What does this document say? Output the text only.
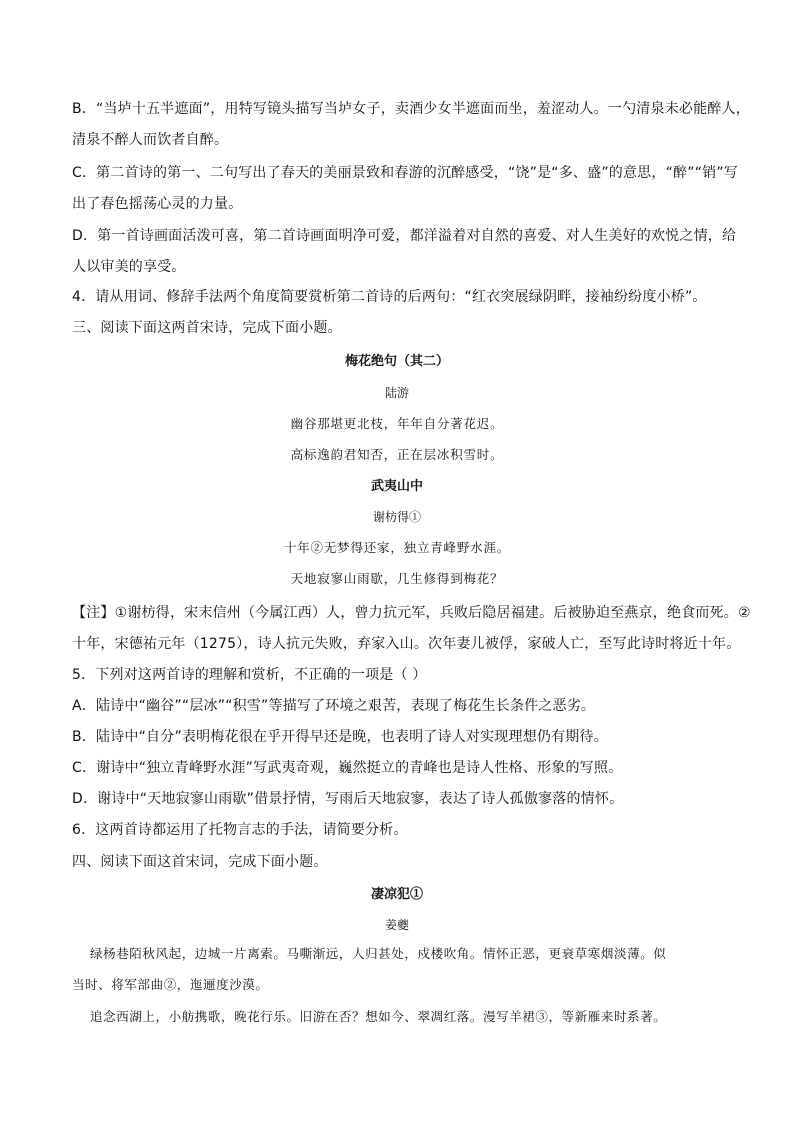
B．“当垆十五半遮面”，用特写镜头描写当垆女子，卖酒少女半遮面而坐，羞涩动人。一勺清泉未必能醉人，
清泉不醉人而饮者自醉。
C．第二首诗的第一、二句写出了春天的美丽景致和春游的沉醉感受，“饶”是“多、盛”的意思，“醉”“销”写
出了春色摇荡心灵的力量。
D．第一首诗画面活泼可喜，第二首诗画面明净可爱，都洋溢着对自然的喜爱、对人生美好的欢悦之情，给
人以审美的享受。
4．请从用词、修辞手法两个角度简要赏析第二首诗的后两句：“红衣突展绿阴畔，接袖纷纷度小桥”。
三、阅读下面这两首宋诗，完成下面小题。
梅花绝句（其二）
陆游
幽谷那堪更北枝，年年自分著花迟。
高标逸韵君知否，正在层冰积雪时。
武夷山中
谢枋得①
十年②无梦得还家，独立青峰野水涯。
天地寂寥山雨歇，几生修得到梅花？
【注】①谢枋得，宋末信州（今属江西）人，曾力抗元军，兵败后隐居福建。后被胁迫至燕京，绝食而死。②
十年，宋德祐元年（1275），诗人抗元失败，弃家入山。次年妻儿被俘，家破人亡，至写此诗时将近十年。
5．下列对这两首诗的理解和赏析，不正确的一项是（ ）
A．陆诗中“幽谷”“层冰”“积雪”等描写了环境之艰苦，表现了梅花生长条件之恶劣。
B．陆诗中“自分”表明梅花很在乎开得早还是晚，也表明了诗人对实现理想仍有期待。
C．谢诗中“独立青峰野水涯”写武夷奇观，巍然挺立的青峰也是诗人性格、形象的写照。
D．谢诗中“天地寂寥山雨歇”借景抒情，写雨后天地寂寥，表达了诗人孤傲寥落的情怀。
6．这两首诗都运用了托物言志的手法，请简要分析。
四、阅读下面这首宋词，完成下面小题。
凄凉犯①
姜夔
绿杨巷陌秋风起，边城一片离索。马嘶渐远，人归甚处，戍楼吹角。情怀正恶，更衰草寒烟淡薄。似
当时、将军部曲②，迤逦度沙漠。
追念西湖上，小舫携歌，晚花行乐。旧游在否？想如今、翠凋红落。漫写羊裙③，等新雁来时系著。
